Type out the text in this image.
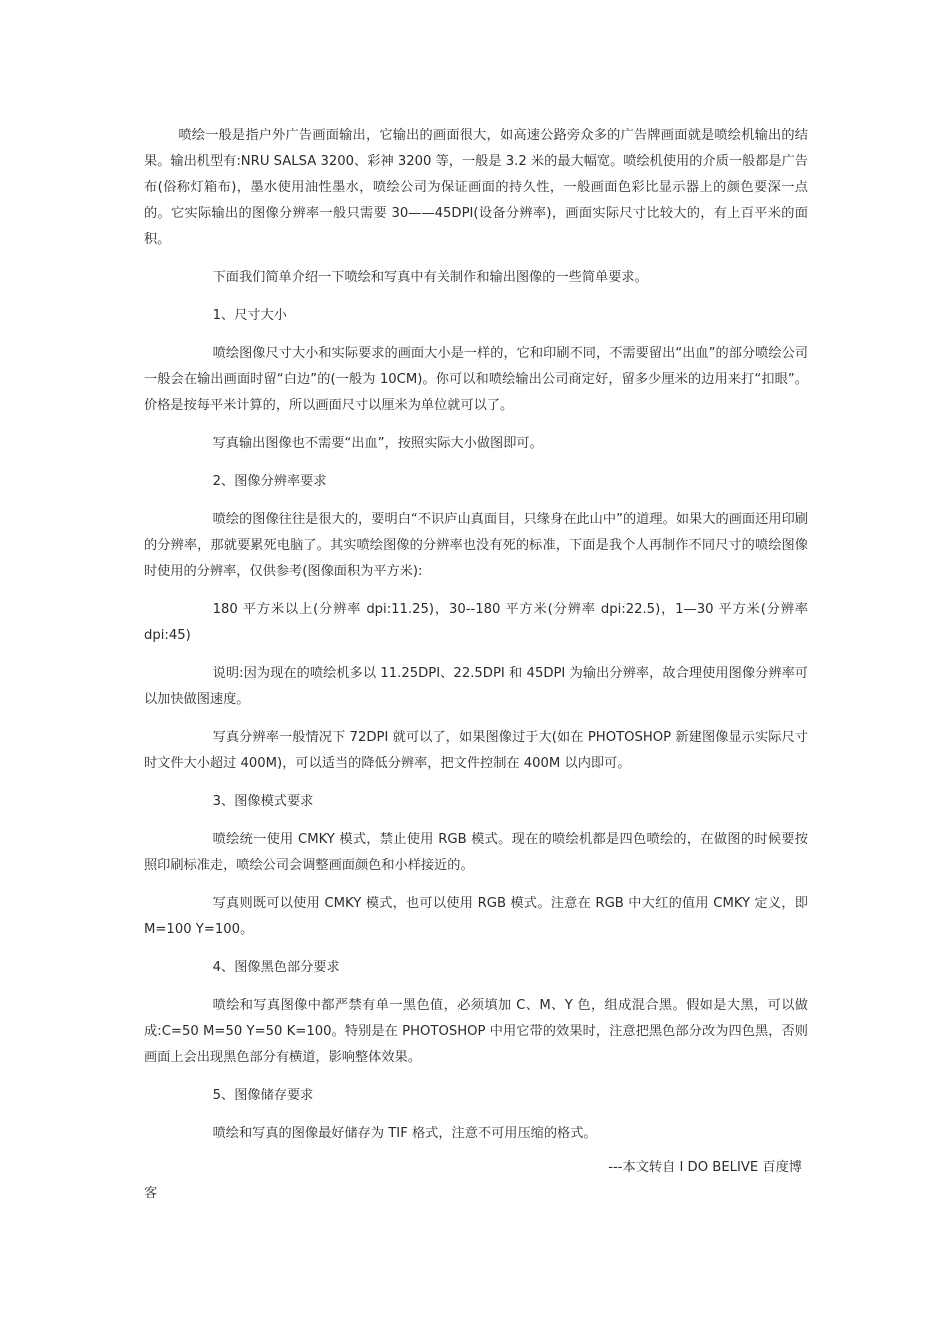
喷绘一般是指户外广告画面输出，它输出的画面很大，如高速公路旁众多的广告牌画面就是喷绘机输出的结果。输出机型有:NRU SALSA 3200、彩神 3200 等，一般是 3.2 米的最大幅宽。喷绘机使用的介质一般都是广告布(俗称灯箱布)，墨水使用油性墨水，喷绘公司为保证画面的持久性，一般画面色彩比显示器上的颜色要深一点的。它实际输出的图像分辨率一般只需要 30——45DPI(设备分辨率)，画面实际尺寸比较大的，有上百平米的面积。

下面我们简单介绍一下喷绘和写真中有关制作和输出图像的一些简单要求。

1、尺寸大小

喷绘图像尺寸大小和实际要求的画面大小是一样的，它和印刷不同，不需要留出“出血”的部分喷绘公司一般会在输出画面时留“白边”的(一般为 10CM)。你可以和喷绘输出公司商定好，留多少厘米的边用来打“扣眼”。价格是按每平米计算的，所以画面尺寸以厘米为单位就可以了。

写真输出图像也不需要“出血”，按照实际大小做图即可。

2、图像分辨率要求

喷绘的图像往往是很大的，要明白“不识庐山真面目，只缘身在此山中”的道理。如果大的画面还用印刷的分辨率，那就要累死电脑了。其实喷绘图像的分辨率也没有死的标准，下面是我个人再制作不同尺寸的喷绘图像时使用的分辨率，仅供参考(图像面积为平方米):

180 平方米以上(分辨率 dpi:11.25)，30--180 平方米(分辨率 dpi:22.5)，1—30 平方米(分辨率 dpi:45)

说明:因为现在的喷绘机多以 11.25DPI、22.5DPI 和 45DPI 为输出分辨率，故合理使用图像分辨率可以加快做图速度。

写真分辨率一般情况下 72DPI 就可以了，如果图像过于大(如在 PHOTOSHOP 新建图像显示实际尺寸时文件大小超过 400M)，可以适当的降低分辨率，把文件控制在 400M 以内即可。

3、图像模式要求

喷绘统一使用 CMKY 模式，禁止使用 RGB 模式。现在的喷绘机都是四色喷绘的，在做图的时候要按照印刷标准走，喷绘公司会调整画面颜色和小样接近的。

写真则既可以使用 CMKY 模式，也可以使用 RGB 模式。注意在 RGB 中大红的值用 CMKY 定义，即 M=100 Y=100。

4、图像黑色部分要求

喷绘和写真图像中都严禁有单一黑色值，必须填加 C、M、Y 色，组成混合黑。假如是大黑，可以做成:C=50 M=50 Y=50 K=100。特别是在 PHOTOSHOP 中用它带的效果时，注意把黑色部分改为四色黑，否则画面上会出现黑色部分有横道，影响整体效果。

5、图像储存要求

喷绘和写真的图像最好储存为 TIF 格式，注意不可用压缩的格式。

---本文转自 I DO BELIVE 百度博

客
